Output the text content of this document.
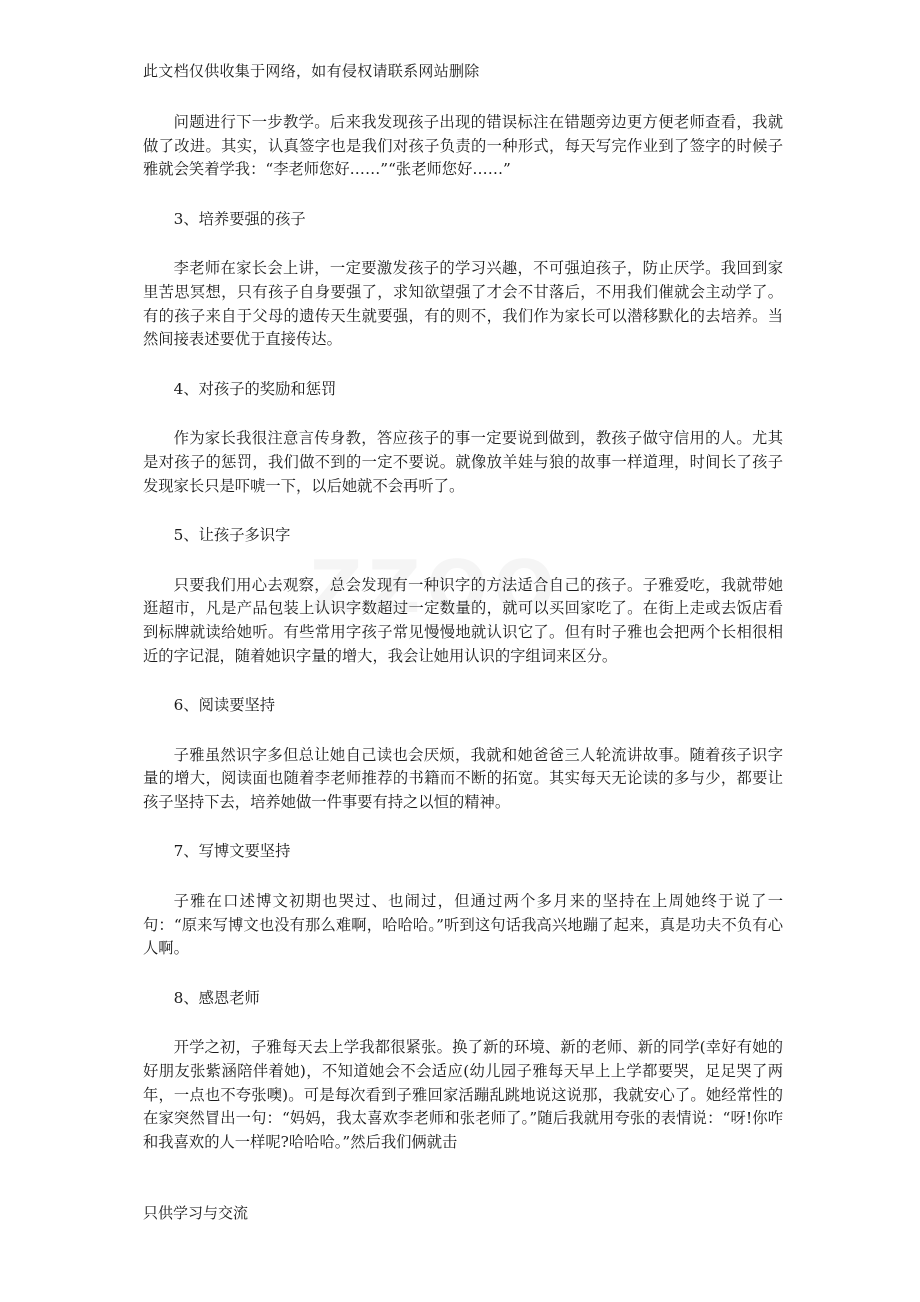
此文档仅供收集于网络，如有侵权请联系网站删除

问题进行下一步教学。后来我发现孩子出现的错误标注在错题旁边更方便老师查看，我就做了改进。其实，认真签字也是我们对孩子负责的一种形式，每天写完作业到了签字的时候子雅就会笑着学我：“李老师您好……”“张老师您好……”

3、培养要强的孩子

李老师在家长会上讲，一定要激发孩子的学习兴趣，不可强迫孩子，防止厌学。我回到家里苦思冥想，只有孩子自身要强了，求知欲望强了才会不甘落后，不用我们催就会主动学了。有的孩子来自于父母的遗传天生就要强，有的则不，我们作为家长可以潜移默化的去培养。当然间接表述要优于直接传达。

4、对孩子的奖励和惩罚

作为家长我很注意言传身教，答应孩子的事一定要说到做到，教孩子做守信用的人。尤其是对孩子的惩罚，我们做不到的一定不要说。就像放羊娃与狼的故事一样道理，时间长了孩子发现家长只是吓唬一下，以后她就不会再听了。

5、让孩子多识字

只要我们用心去观察，总会发现有一种识字的方法适合自己的孩子。子雅爱吃，我就带她逛超市，凡是产品包装上认识字数超过一定数量的，就可以买回家吃了。在街上走或去饭店看到标牌就读给她听。有些常用字孩子常见慢慢地就认识它了。但有时子雅也会把两个长相很相近的字记混，随着她识字量的增大，我会让她用认识的字组词来区分。

6、阅读要坚持

子雅虽然识字多但总让她自己读也会厌烦，我就和她爸爸三人轮流讲故事。随着孩子识字量的增大，阅读面也随着李老师推荐的书籍而不断的拓宽。其实每天无论读的多与少，都要让孩子坚持下去，培养她做一件事要有持之以恒的精神。

7、写博文要坚持

子雅在口述博文初期也哭过、也闹过，但通过两个多月来的坚持在上周她终于说了一句：“原来写博文也没有那么难啊，哈哈哈。”听到这句话我高兴地蹦了起来，真是功夫不负有心人啊。

8、感恩老师

开学之初，子雅每天去上学我都很紧张。换了新的环境、新的老师、新的同学(幸好有她的好朋友张紫涵陪伴着她)，不知道她会不会适应(幼儿园子雅每天早上上学都要哭，足足哭了两年，一点也不夸张噢)。可是每次看到子雅回家活蹦乱跳地说这说那，我就安心了。她经常性的在家突然冒出一句：“妈妈，我太喜欢李老师和张老师了。”随后我就用夸张的表情说：“呀!你咋和我喜欢的人一样呢?哈哈哈。”然后我们俩就击

只供学习与交流
